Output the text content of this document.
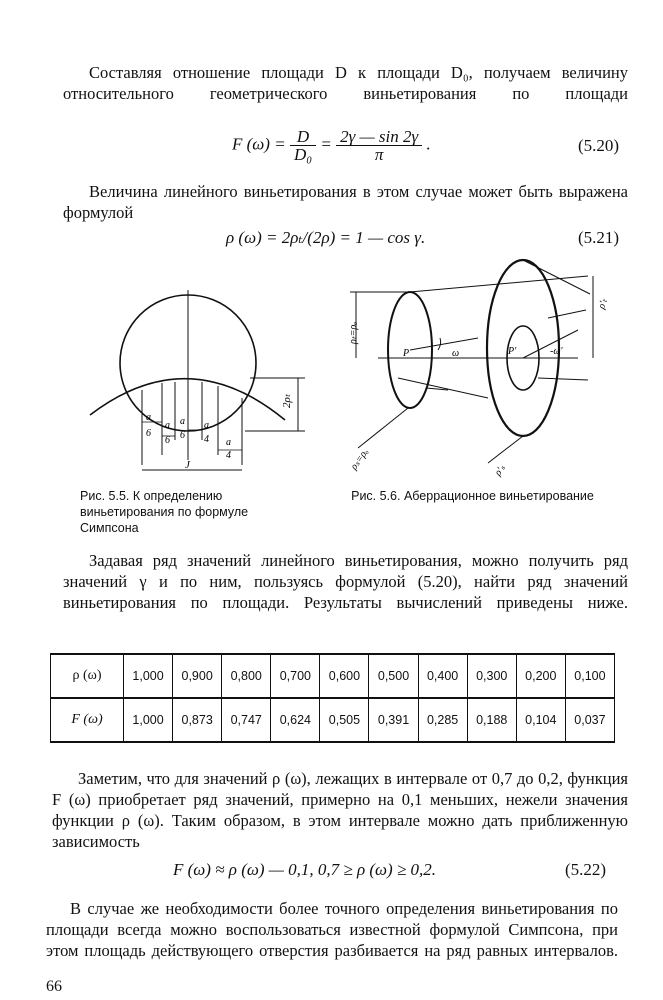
Составляя отношение площади D к площади D₀, получаем величину относительного геометрического виньетирования по площади

F $(\omega) = \frac{D}{\text{D₀}} = \frac{2\gamma — \sin 2\gamma}{\pi}$ .	(5.20)

Величина линейного виньетирования в этом случае может быть выражена формулой

ρ (ω) = 2ρₜ/(2ρ) = 1 — cos γ.	(5.21)
a
6
a
6
a
6
a
4 a
4
2ρₜ
J
Рис. 5.5. К определению виньетирования по формуле Симпсона
P	P'
ω	-ω'
ρₜ=ρₒ
ρ'ₜ
ρₛ=ρₒ	ρ'ₛ
Рис. 5.6. Аберрационное виньетирование

Задавая ряд значений линейного виньетирования, можно получить ряд значений γ и по ним, пользуясь формулой (5.20), найти ряд значений виньетирования по площади. Результаты вычислений приведены ниже.

ρ (ω)	1,000	0,900	0,800	0,700	0,600	0,500	0,400	0,300	0,200	0,100
F (ω)	1,000	0,873	0,747	0,624	0,505	0,391	0,285	0,188	0,104	0,037

Заметим, что для значений ρ (ω), лежащих в интервале от 0,7 до 0,2, функция F (ω) приобретает ряд значений, примерно на 0,1 меньших, нежели значения функции ρ (ω). Таким образом, в этом интервале можно дать приближенную зависимость

F (ω) ≈ ρ (ω) — 0,1, 0,7 ≥ ρ (ω) ≥ 0,2.	(5.22)

В случае же необходимости более точного определения виньетирования по площади всегда можно воспользоваться известной формулой Симпсона, при этом площадь действующего отверстия разбивается на ряд равных интервалов.

66
